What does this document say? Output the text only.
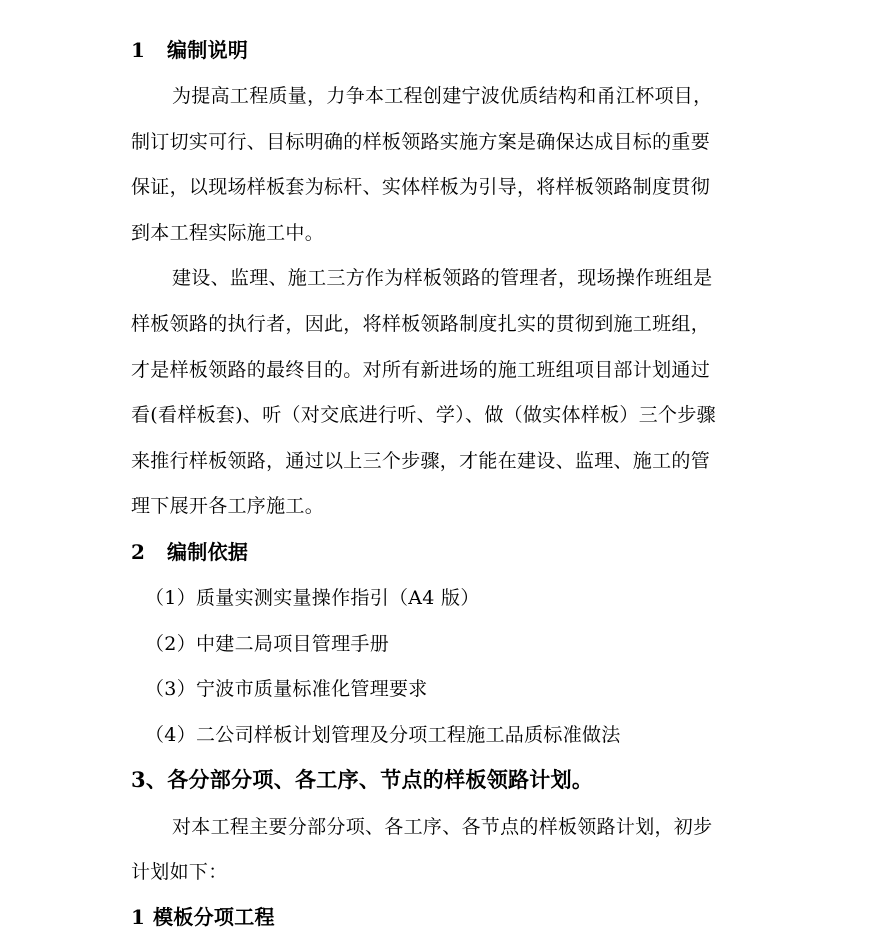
1 编制说明
为提高工程质量，力争本工程创建宁波优质结构和甬江杯项目，
制订切实可行、目标明确的样板领路实施方案是确保达成目标的重要
保证，以现场样板套为标杆、实体样板为引导，将样板领路制度贯彻
到本工程实际施工中。
建设、监理、施工三方作为样板领路的管理者，现场操作班组是
样板领路的执行者，因此，将样板领路制度扎实的贯彻到施工班组，
才是样板领路的最终目的。对所有新进场的施工班组项目部计划通过
看(看样板套)、听（对交底进行听、学）、做（做实体样板）三个步骤
来推行样板领路，通过以上三个步骤，才能在建设、监理、施工的管
理下展开各工序施工。
2 编制依据
（1）质量实测实量操作指引（A4 版）
（2）中建二局项目管理手册
（3）宁波市质量标准化管理要求
（4）二公司样板计划管理及分项工程施工品质标准做法
3、各分部分项、各工序、节点的样板领路计划。
对本工程主要分部分项、各工序、各节点的样板领路计划，初步
计划如下：
1 模板分项工程
